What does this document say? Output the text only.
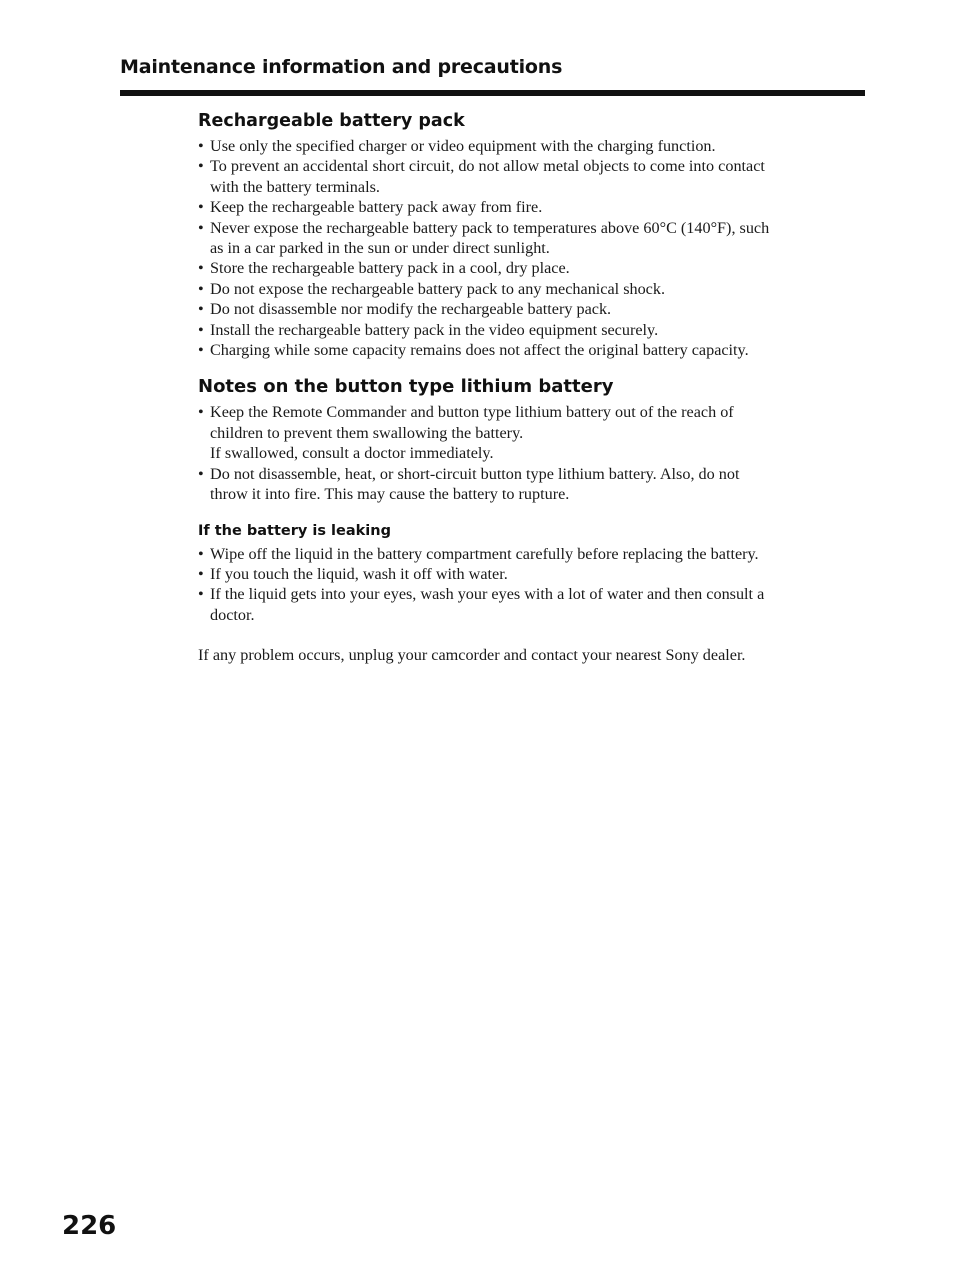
Maintenance information and precautions
Rechargeable battery pack
• Use only the specified charger or video equipment with the charging function.
• To prevent an accidental short circuit, do not allow metal objects to come into contact
with the battery terminals.
• Keep the rechargeable battery pack away from fire.
• Never expose the rechargeable battery pack to temperatures above 60°C (140°F), such
as in a car parked in the sun or under direct sunlight.
• Store the rechargeable battery pack in a cool, dry place.
• Do not expose the rechargeable battery pack to any mechanical shock.
• Do not disassemble nor modify the rechargeable battery pack.
• Install the rechargeable battery pack in the video equipment securely.
• Charging while some capacity remains does not affect the original battery capacity.
Notes on the button type lithium battery
• Keep the Remote Commander and button type lithium battery out of the reach of
children to prevent them swallowing the battery.
If swallowed, consult a doctor immediately.
• Do not disassemble, heat, or short-circuit button type lithium battery. Also, do not
throw it into fire. This may cause the battery to rupture.
If the battery is leaking
• Wipe off the liquid in the battery compartment carefully before replacing the battery.
• If you touch the liquid, wash it off with water.
• If the liquid gets into your eyes, wash your eyes with a lot of water and then consult a
doctor.

If any problem occurs, unplug your camcorder and contact your nearest Sony dealer.

226
